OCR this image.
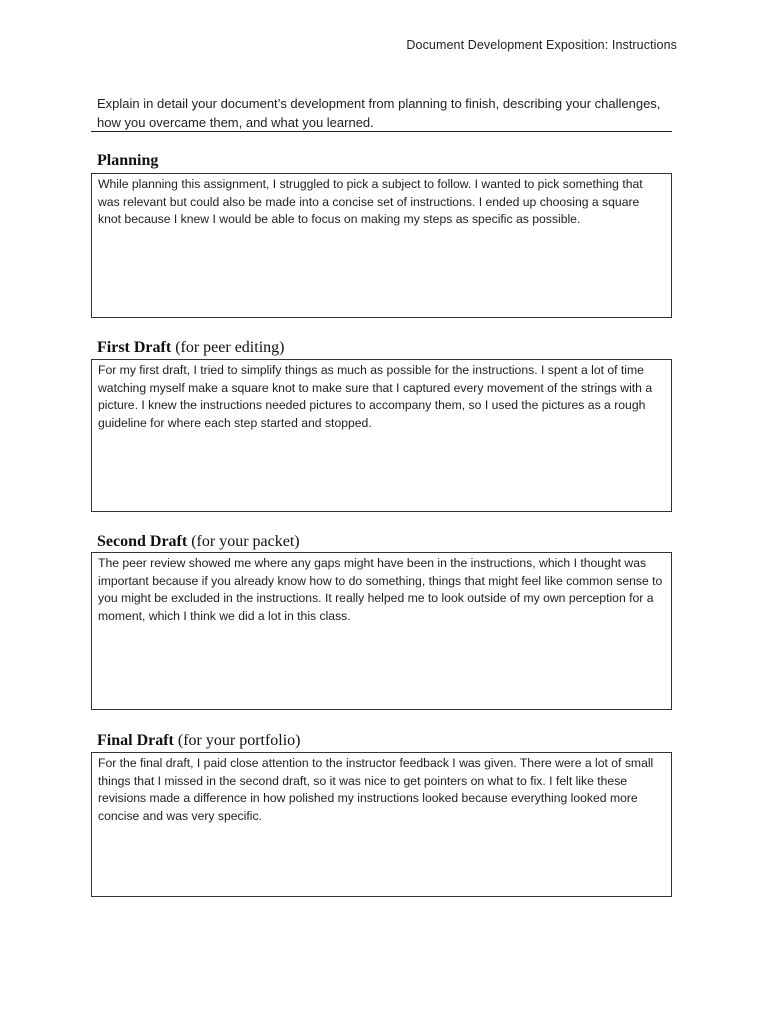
Document Development Exposition: Instructions
Explain in detail your document’s development from planning to finish, describing your challenges, how you overcame them, and what you learned.
Planning
While planning this assignment, I struggled to pick a subject to follow. I wanted to pick something that was relevant but could also be made into a concise set of instructions. I ended up choosing a square knot because I knew I would be able to focus on making my steps as specific as possible.
First Draft (for peer editing)
For my first draft, I tried to simplify things as much as possible for the instructions. I spent a lot of time watching myself make a square knot to make sure that I captured every movement of the strings with a picture. I knew the instructions needed pictures to accompany them, so I used the pictures as a rough guideline for where each step started and stopped.
Second Draft (for your packet)
The peer review showed me where any gaps might have been in the instructions, which I thought was important because if you already know how to do something, things that might feel like common sense to you might be excluded in the instructions. It really helped me to look outside of my own perception for a moment, which I think we did a lot in this class.
Final Draft (for your portfolio)
For the final draft, I paid close attention to the instructor feedback I was given. There were a lot of small things that I missed in the second draft, so it was nice to get pointers on what to fix. I felt like these revisions made a difference in how polished my instructions looked because everything looked more concise and was very specific.
